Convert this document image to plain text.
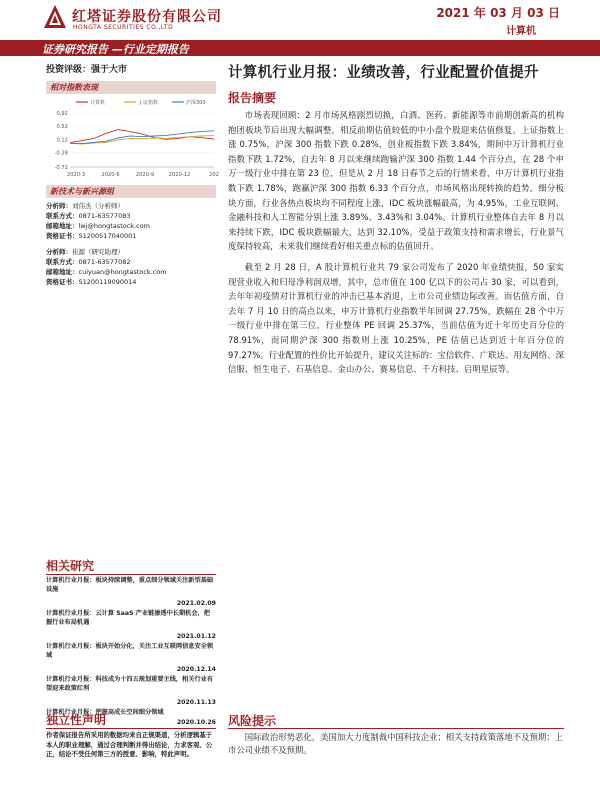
红塔证券股份有限公司
HONGTA SECURITIES CO.,LTD
2021 年 03 月 03 日
计算机
证券研究报告 —行业定期报告
投资评级：强于大市
相对指数表现
计算机	上证指数	沪深300
0.92
0.52
0.12
-0.28
-0.72
2020-3	2020-6	2020-9	2020-12	202
新技术与新兴源组
分析师：刘伟杰（分析师）
联系方式：0871-63577083
邮箱地址：lwj@hongtastock.com
资格证书：S1200517040001
分析师：崔源（研究助理）
联系方式：0871-63577082
邮箱地址：cuiyuan@hongtastock.com
资格证书：S1200119090014
相关研究
计算机行业月报：板块持续调整，重点细分领域关注新型基础设施
2021.02.09
计算机行业月报：云计算 SaaS 产业链渗透中长期机会，把握行业布局机遇
2021.01.12
计算机行业月报：板块开始分化，关注工业互联网信息安全领域
2020.12.14
计算机行业月报：科技成为十四五规划重要主线，相关行业有望迎来政策红利
2020.11.13
计算机行业月报：把握高成长空间细分领域
2020.10.26
独立性声明
作者保证报告所采用的数据均来自正规渠道，分析逻辑基于本人的职业理解，通过合理判断并得出结论，力求客观、公正，结论不受任何第三方的授意、影响，特此声明。
计算机行业月报：业绩改善，行业配置价值提升
报告摘要

市场表现回顾：2 月市场风格剧烈切换，白酒、医药、新能源等市前期创新高的机构抱团板块节后出现大幅调整，相反前期估值较低的中小盘个股迎来估值修复。上证指数上涨 0.75%，沪深 300 指数下跌 0.28%，创业板指数下跌 3.84%，期间中万计算机行业指数下跌 1.72%，自去年 8 月以来继续跑输沪深 300 指数 1.44 个百分点，在 28 个申万一级行业中排在第 23 位，但是从 2 月 18 日春节之后的行情来看，中万计算机行业指数下跌 1.78%，跑赢沪深 300 指数 6.33 个百分点，市场风格出现转换的趋势。细分板块方面，行业各热点板块均不同程度上涨，IDC 板块涨幅最高，为 4.95%，工业互联网、金融科技和人工智能分别上涨 3.89%、3.43%和 3.04%。计算机行业整体自去年 8 月以来持续下跌，IDC 板块跌幅最大，达到 32.10%，受益于政策支持和需求增长，行业景气度保持较高，未来我们继续看好相关重点标的估值回升。

截至 2 月 28 日，A 股计算机行业共 79 家公司发布了 2020 年业绩快报，50 家实现营业收入和归母净利润双增，其中，总市值在 100 亿以下的公司占 30 家，可以看到，去年年初疫情对计算机行业的冲击已基本消退，上市公司业绩边际改善。而估值方面，自去年 7 月 10 日的高点以来，申万计算机行业指数半年回调 27.75%，跌幅在 28 个中万一级行业中排在第三位，行业整体 PE 回调 25.37%，当前估值为近十年历史百分位的 78.91%，而同期沪深 300 指数则上涨 10.25%，PE 估值已达到近十年百分位的 97.27%。行业配置的性价比开始提升，建议关注标的：宝信软件、广联达、用友网络、深信服、恒生电子、石基信息、金山办公、赛易信息、千方科技、启明星辰等。

风险提示
国际政治形势恶化，美国加大力度制裁中国科技企业；相关支持政策落地不及预期；上市公司业绩不及预期。
